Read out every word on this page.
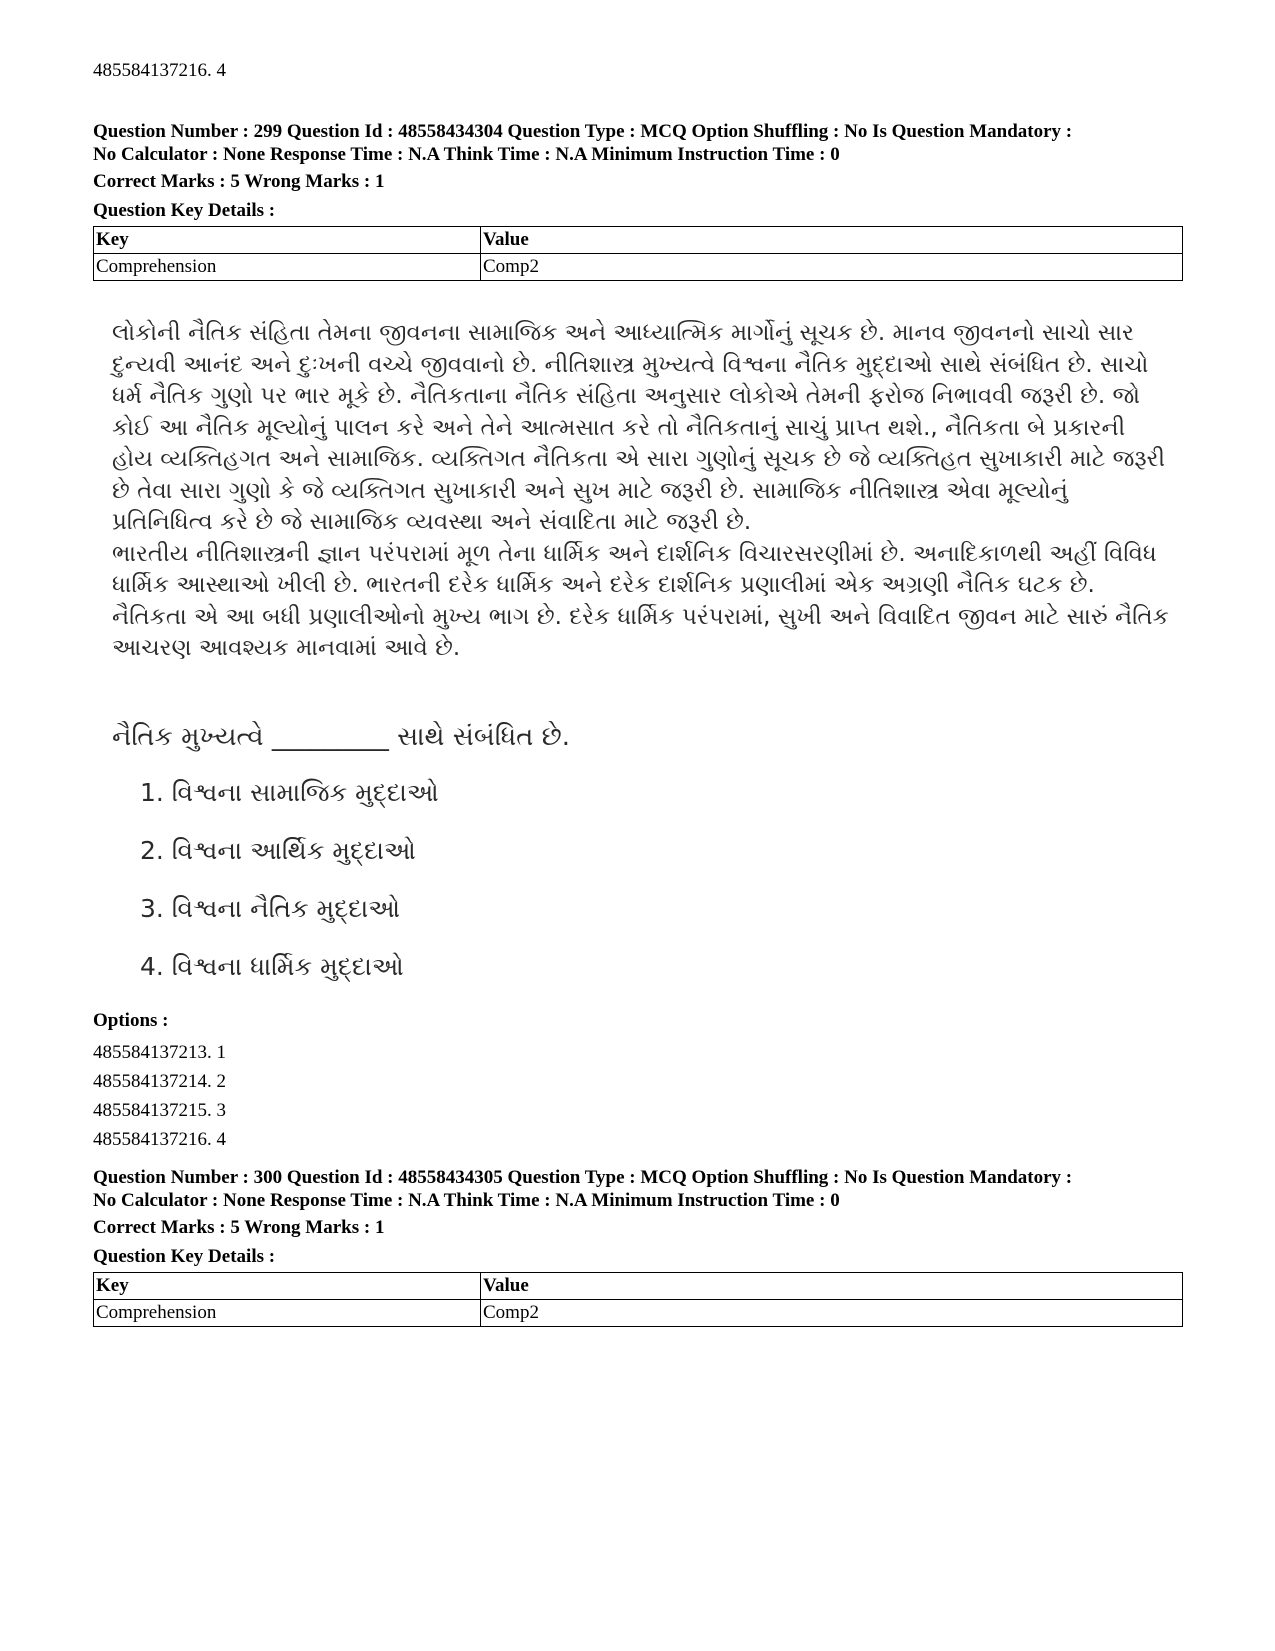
485584137216. 4
Question Number : 299 Question Id : 48558434304 Question Type : MCQ Option Shuffling : No Is Question Mandatory :
No Calculator : None Response Time : N.A Think Time : N.A Minimum Instruction Time : 0
Correct Marks : 5 Wrong Marks : 1
Question Key Details :
Key	Value
Comprehension	Comp2

લોકોની નૈતિક સંહિતા તેમના જીવનના સામાજિક અને આધ્યાત્મિક માર્ગોનું સૂચક છે. માનવ જીવનનો સાચો સાર દુન્યવી આનંદ અને દુઃખની વચ્ચે જીવવાનો છે. નીતિશાસ્ત્ર મુખ્યત્વે વિશ્વના નૈતિક મુદ્દાઓ સાથે સંબંધિત છે. સાચો ધર્મ નૈતિક ગુણો પર ભાર મૂકે છે. નૈતિકતાના નૈતિક સંહિતા અનુસાર લોકોએ તેમની ફરોજ નિભાવવી જરૂરી છે. જો કોઈ આ નૈતિક મૂલ્યોનું પાલન કરે અને તેને આત્મસાત કરે તો નૈતિકતાનું સાચું પ્રાપ્ત થશે., નૈતિકતા બે પ્રકારની હોય વ્યક્તિહગત અને સામાજિક. વ્યક્તિગત નૈતિકતા એ સારા ગુણોનું સૂચક છે જે વ્યક્તિહત સુખાકારી માટે જરૂરી છે તેવા સારા ગુણો કે જે વ્યક્તિગત સુખાકારી અને સુખ માટે જરૂરી છે. સામાજિક નીતિશાસ્ત્ર એવા મૂલ્યોનું પ્રતિનિધિત્વ કરે છે જે સામાજિક વ્યવસ્થા અને સંવાદિતા માટે જરૂરી છે.

ભારતીય નીતિશાસ્ત્રની જ્ઞાન પરંપરામાં મૂળ તેના ધાર્મિક અને દાર્શનિક વિચારસરણીમાં છે. અનાદિકાળથી અહીં વિવિધ ધાર્મિક આસ્થાઓ ખીલી છે. ભારતની દરેક ધાર્મિક અને દરેક દાર્શનિક પ્રણાલીમાં એક અગ્રણી નૈતિક ઘટક છે. નૈતિકતા એ આ બધી પ્રણાલીઓનો મુખ્ય ભાગ છે. દરેક ધાર્મિક પરંપરામાં, સુખી અને વિવાદિત જીવન માટે સારું નૈતિક આચરણ આવશ્યક માનવામાં આવે છે.

નૈતિક મુખ્યત્વે _________ સાથે સંબંધિત છે.
1. વિશ્વના સામાજિક મુદ્દાઓ
2. વિશ્વના આર્થિક મુદ્દાઓ
3. વિશ્વના નૈતિક મુદ્દાઓ
4. વિશ્વના ધાર્મિક મુદ્દાઓ
Options :
485584137213. 1
485584137214. 2
485584137215. 3
485584137216. 4
Question Number : 300 Question Id : 48558434305 Question Type : MCQ Option Shuffling : No Is Question Mandatory :
No Calculator : None Response Time : N.A Think Time : N.A Minimum Instruction Time : 0
Correct Marks : 5 Wrong Marks : 1
Question Key Details :
Key	Value
Comprehension	Comp2
